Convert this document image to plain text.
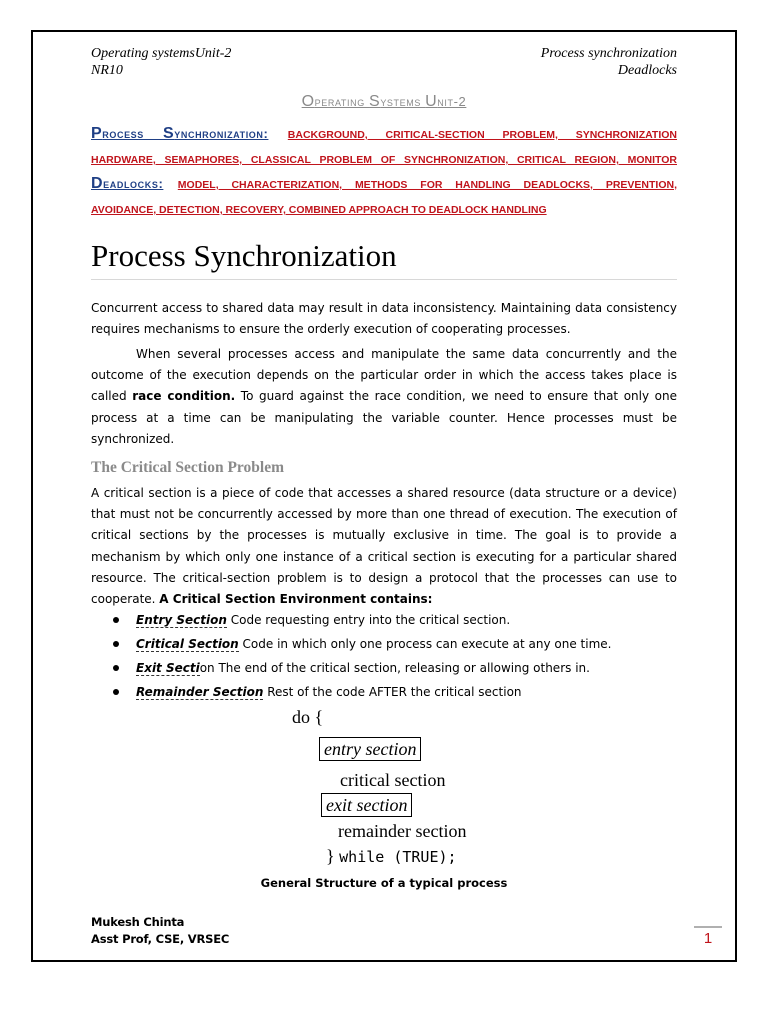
Operating systemsUnit-2
NR10
Process synchronization
Deadlocks
Operating Systems Unit-2
Process Synchronization: BACKGROUND, CRITICAL-SECTION PROBLEM, SYNCHRONIZATION
HARDWARE, SEMAPHORES, CLASSICAL PROBLEM OF SYNCHRONIZATION, CRITICAL REGION, MONITOR
Deadlocks: MODEL, CHARACTERIZATION, METHODS FOR HANDLING DEADLOCKS, PREVENTION,
AVOIDANCE, DETECTION, RECOVERY, COMBINED APPROACH TO DEADLOCK HANDLING
Process Synchronization

Concurrent access to shared data may result in data inconsistency. Maintaining data consistency requires mechanisms to ensure the orderly execution of cooperating processes.

When several processes access and manipulate the same data concurrently and the outcome of the execution depends on the particular order in which the access takes place is called race condition. To guard against the race condition, we need to ensure that only one process at a time can be manipulating the variable counter. Hence processes must be synchronized.

The Critical Section Problem

A critical section is a piece of code that accesses a shared resource (data structure or a device) that must not be concurrently accessed by more than one thread of execution. The execution of critical sections by the processes is mutually exclusive in time. The goal is to provide a mechanism by which only one instance of a critical section is executing for a particular shared resource. The critical-section problem is to design a protocol that the processes can use to cooperate. A Critical Section Environment contains:

Entry Section Code requesting entry into the critical section.
Critical Section Code in which only one process can execute at any one time.
Exit Section The end of the critical section, releasing or allowing others in.
Remainder Section Rest of the code AFTER the critical section
do {
entry section
critical section
exit section
remainder section
} while (TRUE);
General Structure of a typical process
Mukesh Chinta
Asst Prof, CSE, VRSEC	1
